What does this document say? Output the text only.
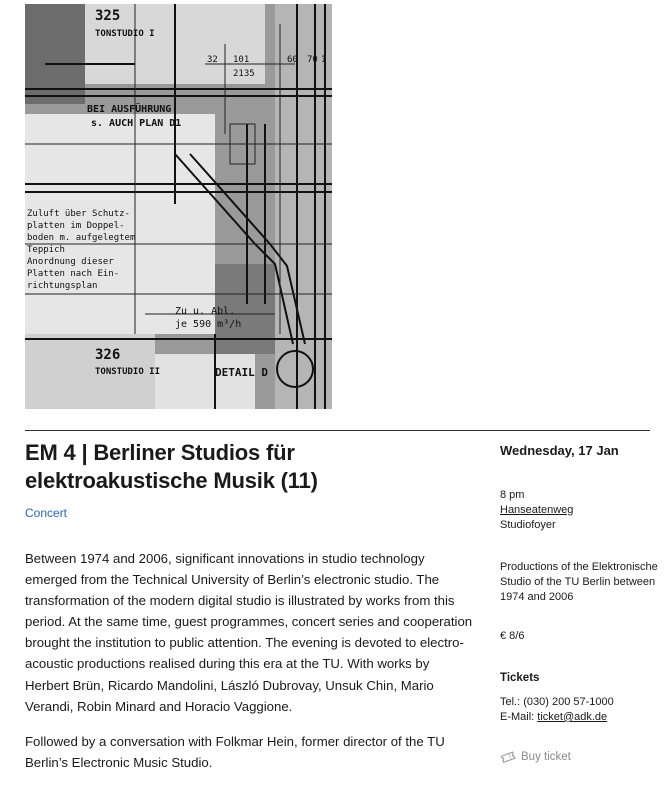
325
TONSTUDIO I
BEI AUSFÜHRUNG
s. AUCH PLAN D1
Zuluft über Schutz-
platten im Doppel-
boden m. aufgelegtem
Teppich
Anordnung dieser
Platten nach Ein-
richtungsplan
Zu u. Abl.
je 590 m³/h
326
TONSTUDIO II	DETAIL D
32 101
2135
60 70 1
EM 4 | Berliner Studios für elektroakustische Musik (11)
Concert

Between 1974 and 2006, significant innovations in studio technology emerged from the Technical University of Berlin’s electronic studio. The transformation of the modern digital studio is illustrated by works from this period. At the same time, guest programmes, concert series and cooperation brought the institution to public attention. The evening is devoted to electro-acoustic productions realised during this era at the TU. With works by Herbert Brün, Ricardo Mandolini, László Dubrovay, Unsuk Chin, Mario Verandi, Robin Minard and Horacio Vaggione.

Followed by a conversation with Folkmar Hein, former director of the TU Berlin’s Electronic Music Studio.

Wednesday, 17 Jan
8 pm
Hanseatenweg
Studiofoyer
Productions of the Elektronische Studio of the TU Berlin between 1974 and 2006
€ 8/6
Tickets
Tel.: (030) 200 57-1000
E-Mail: ticket@adk.de
Buy ticket
